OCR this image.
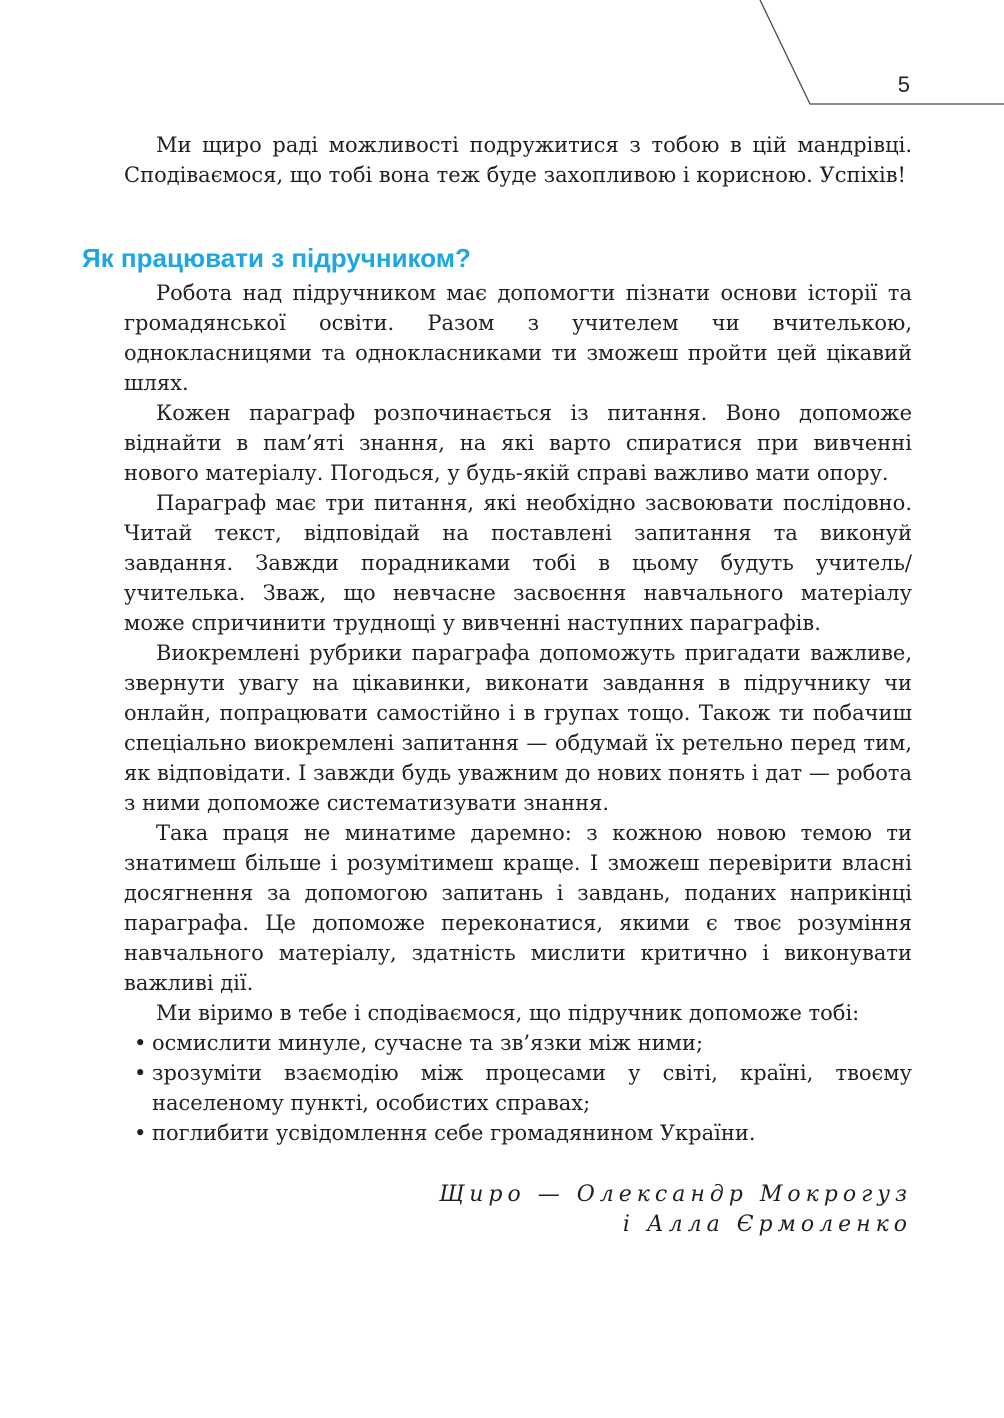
5

Ми щиро раді можливості подружитися з тобою в цій мандрівці. Сподіваємося, що тобі вона теж буде захопливою і корисною. Успіхів!

Як працювати з підручником?

Робота над підручником має допомогти пізнати основи історії та громадянської освіти. Разом з учителем чи вчителькою, однокласницями та однокласниками ти зможеш пройти цей цікавий шлях.

Кожен параграф розпочинається із питання. Воно допоможе віднайти в пам’яті знання, на які варто спиратися при вивченні нового матеріалу. Погодься, у будь-якій справі важливо мати опору.

Параграф має три питання, які необхідно засвоювати послідовно. Читай текст, відповідай на поставлені запитання та виконуй завдання. Завжди порадниками тобі в цьому будуть учитель/ учителька. Зваж, що невчасне засвоєння навчального матеріалу може спричинити труднощі у вивченні наступних параграфів.

Виокремлені рубрики параграфа допоможуть пригадати важливе, звернути увагу на цікавинки, виконати завдання в підручнику чи онлайн, попрацювати самостійно і в групах тощо. Також ти побачиш спеціально виокремлені запитання — обдумай їх ретельно перед тим, як відповідати. І завжди будь уважним до нових понять і дат — робота з ними допоможе систематизувати знання.

Така праця не минатиме даремно: з кожною новою темою ти знатимеш більше і розумітимеш краще. І зможеш перевірити власні досягнення за допомогою запитань і завдань, поданих наприкінці параграфа. Це допоможе переконатися, якими є твоє розуміння навчального матеріалу, здатність мислити критично і виконувати важливі дії.

Ми віримо в тебе і сподіваємося, що підручник допоможе тобі:

• осмислити минуле, сучасне та зв’язки між ними;
• зрозуміти взаємодію між процесами у світі, країні, твоєму населеному пункті, особистих справах;
• поглибити усвідомлення себе громадянином України.
Щиро — Олександр Мокрогуз
і Алла Єрмоленко
